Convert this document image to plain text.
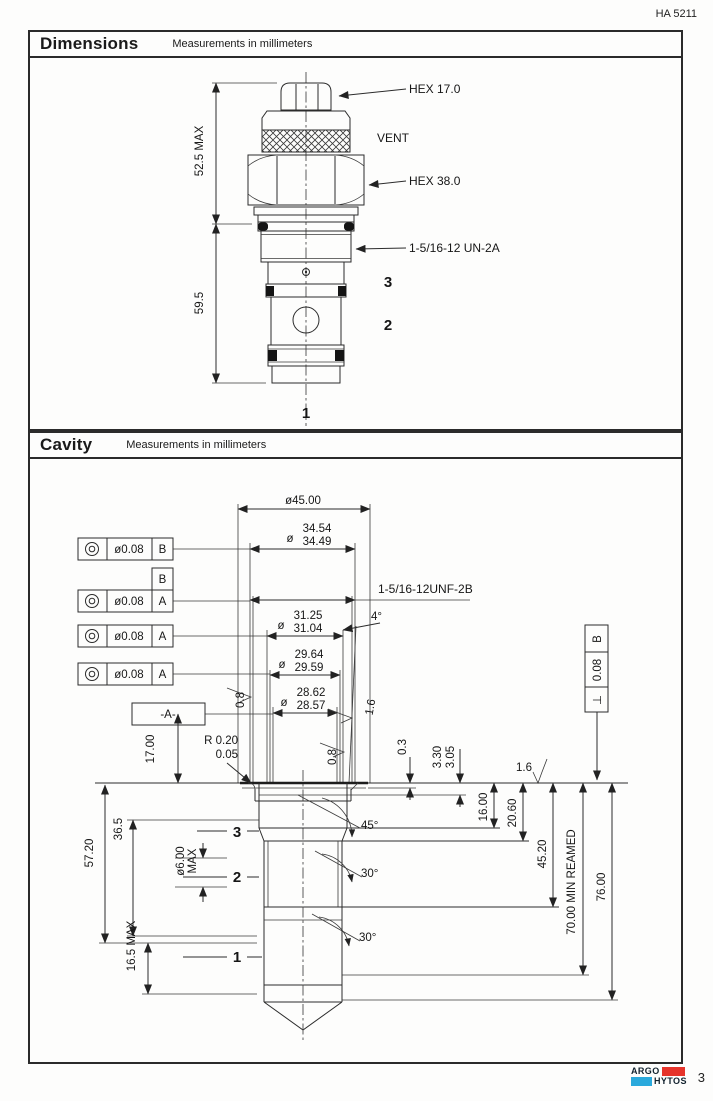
HA 5211
Dimensions	Measurements in millimeters
Cavity	Measurements in millimeters
52.5 MAX
59.5
HEX 17.0
VENT
HEX 38.0
1-5/16-12 UN-2A
3
2
1
ø45.00
ø
34.54
34.49
1-5/16-12UNF-2B
ø
31.25
31.04
4°
ø
29.64
29.59
ø
28.62
28.57
ø0.08 B
B
ø0.08 A
ø0.08 A
ø0.08 A
-A-
B
0.08
⊥
0.8
0.8
1.6
1.6
R 0.20
0.05
17.00
36.5
57.20
16.5 MAX
ø6.00 MAX
3
2
1
45°
30°
30°
0.3 3.30 3.05
16.00 20.60
45.20 70.00 MIN REAMED 76.00
ARGO
HYTOS 3
